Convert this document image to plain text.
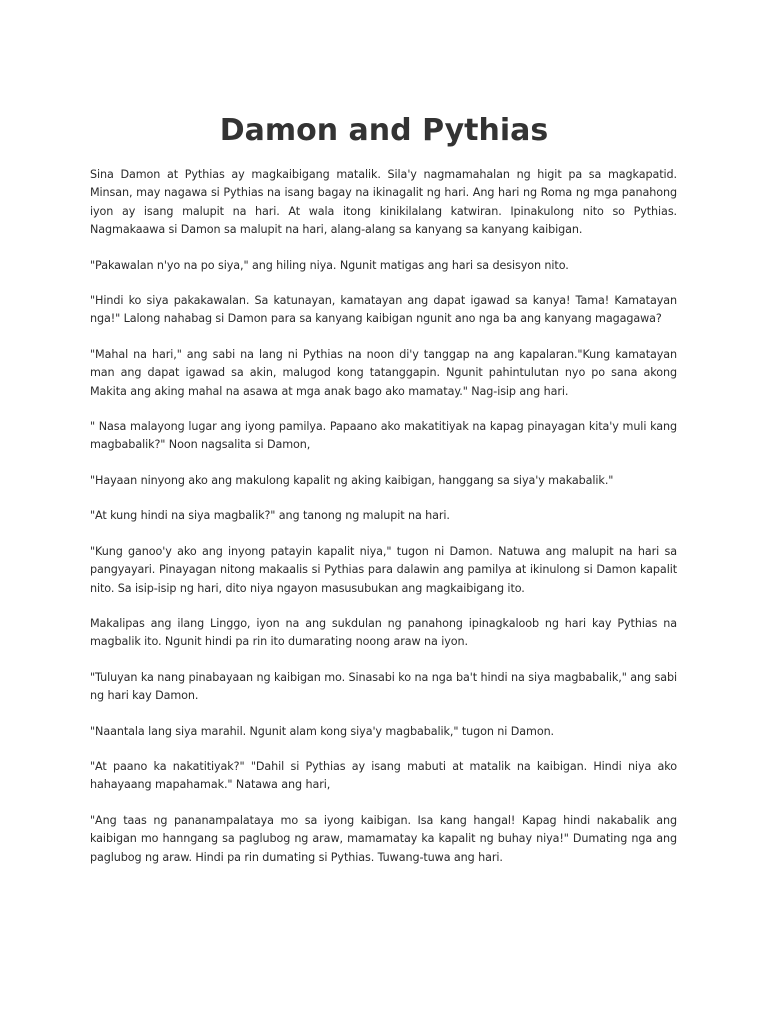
Damon and Pythias

Sina Damon at Pythias ay magkaibigang matalik. Sila'y nagmamahalan ng higit pa sa magkapatid. Minsan, may nagawa si Pythias na isang bagay na ikinagalit ng hari. Ang hari ng Roma ng mga panahong iyon ay isang malupit na hari. At wala itong kinikilalang katwiran. Ipinakulong nito so Pythias. Nagmakaawa si Damon sa malupit na hari, alang-alang sa kanyang sa kanyang kaibigan.

"Pakawalan n'yo na po siya," ang hiling niya. Ngunit matigas ang hari sa desisyon nito.

"Hindi ko siya pakakawalan. Sa katunayan, kamatayan ang dapat igawad sa kanya! Tama! Kamatayan nga!" Lalong nahabag si Damon para sa kanyang kaibigan ngunit ano nga ba ang kanyang magagawa?

"Mahal na hari," ang sabi na lang ni Pythias na noon di'y tanggap na ang kapalaran."Kung kamatayan man ang dapat igawad sa akin, malugod kong tatanggapin. Ngunit pahintulutan nyo po sana akong Makita ang aking mahal na asawa at mga anak bago ako mamatay." Nag-isip ang hari.

" Nasa malayong lugar ang iyong pamilya. Papaano ako makatitiyak na kapag pinayagan kita'y muli kang magbabalik?" Noon nagsalita si Damon,

"Hayaan ninyong ako ang makulong kapalit ng aking kaibigan, hanggang sa siya'y makabalik."

"At kung hindi na siya magbalik?" ang tanong ng malupit na hari.

"Kung ganoo'y ako ang inyong patayin kapalit niya," tugon ni Damon. Natuwa ang malupit na hari sa pangyayari. Pinayagan nitong makaalis si Pythias para dalawin ang pamilya at ikinulong si Damon kapalit nito. Sa isip-isip ng hari, dito niya ngayon masusubukan ang magkaibigang ito.

Makalipas ang ilang Linggo, iyon na ang sukdulan ng panahong ipinagkaloob ng hari kay Pythias na magbalik ito. Ngunit hindi pa rin ito dumarating noong araw na iyon.

"Tuluyan ka nang pinabayaan ng kaibigan mo. Sinasabi ko na nga ba't hindi na siya magbabalik," ang sabi ng hari kay Damon.

"Naantala lang siya marahil. Ngunit alam kong siya'y magbabalik," tugon ni Damon.

"At paano ka nakatitiyak?" "Dahil si Pythias ay isang mabuti at matalik na kaibigan. Hindi niya ako hahayaang mapahamak." Natawa ang hari,

"Ang taas ng pananampalataya mo sa iyong kaibigan. Isa kang hangal! Kapag hindi nakabalik ang kaibigan mo hanngang sa paglubog ng araw, mamamatay ka kapalit ng buhay niya!" Dumating nga ang paglubog ng araw. Hindi pa rin dumating si Pythias. Tuwang-tuwa ang hari.
